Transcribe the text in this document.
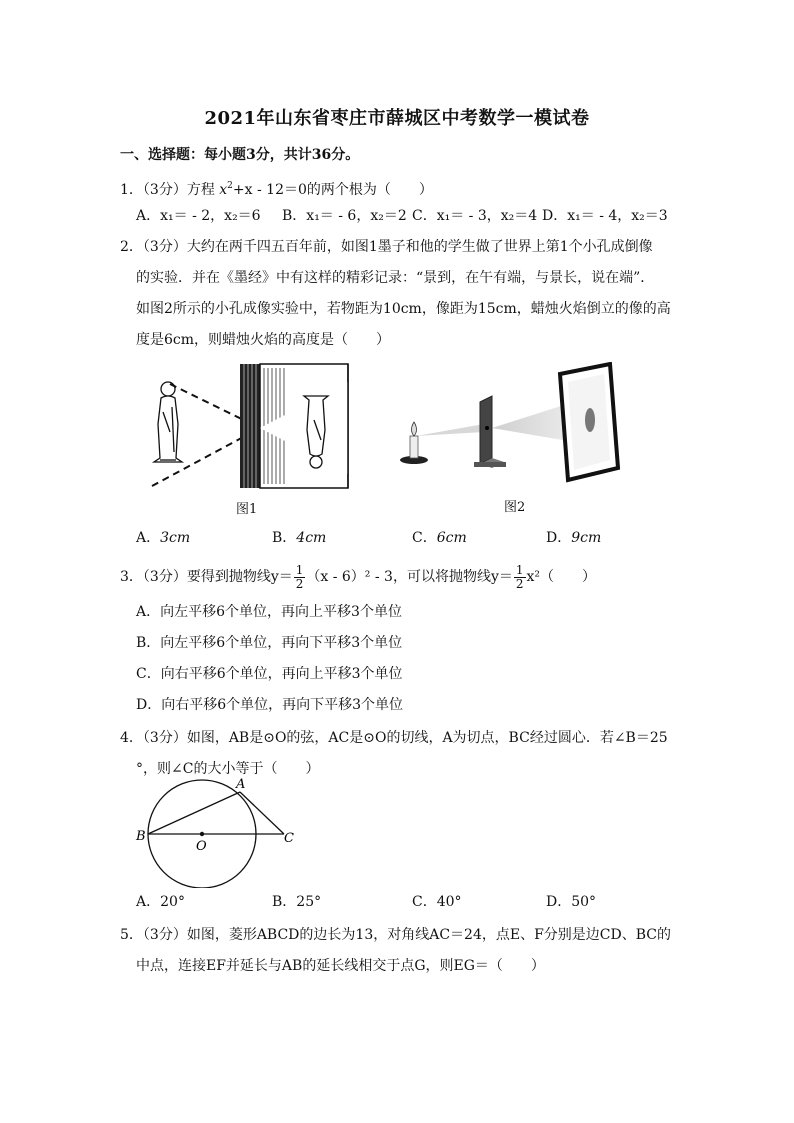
2021年山东省枣庄市薛城区中考数学一模试卷
一、选择题：每小题3分，共计36分。
1．（3分）方程 $x^2+x - 12=0$的两个根为（　　）
A．x₁＝ - 2，x₂＝6 B．x₁＝ - 6，x₂＝2 C．x₁＝ - 3，x₂＝4 D．x₁＝ - 4，x₂＝3
2．（3分）大约在两千四五百年前，如图1墨子和他的学生做了世界上第1个小孔成倒像
的实验．并在《墨经》中有这样的精彩记录：“景到，在午有端，与景长，说在端”．
如图2所示的小孔成像实验中，若物距为10cm，像距为15cm，蜡烛火焰倒立的像的高
度是6cm，则蜡烛火焰的高度是（　　）
图1	图2
A．3cm	B．4cm	C．6cm	D．9cm
3．（3分）要得到抛物线$y= \frac{1}{2} (x - 6)^2 - 3$，可以将抛物线$y= \frac{1}{2} x^2$（　　）
A．向左平移6个单位，再向上平移3个单位
B．向左平移6个单位，再向下平移3个单位
C．向右平移6个单位，再向上平移3个单位
D．向右平移6个单位，再向下平移3个单位
4．（3分）如图，AB是⊙O的弦，AC是⊙O的切线，A为切点，BC经过圆心．若∠B＝25
°，则∠C的大小等于（　　）
B
A
O
C
A．20°	B．25°	C．40°	D．50°
5．（3分）如图，菱形ABCD的边长为13，对角线AC＝24，点E、F分别是边CD、BC的
中点，连接EF并延长与AB的延长线相交于点G，则EG＝（　　）
